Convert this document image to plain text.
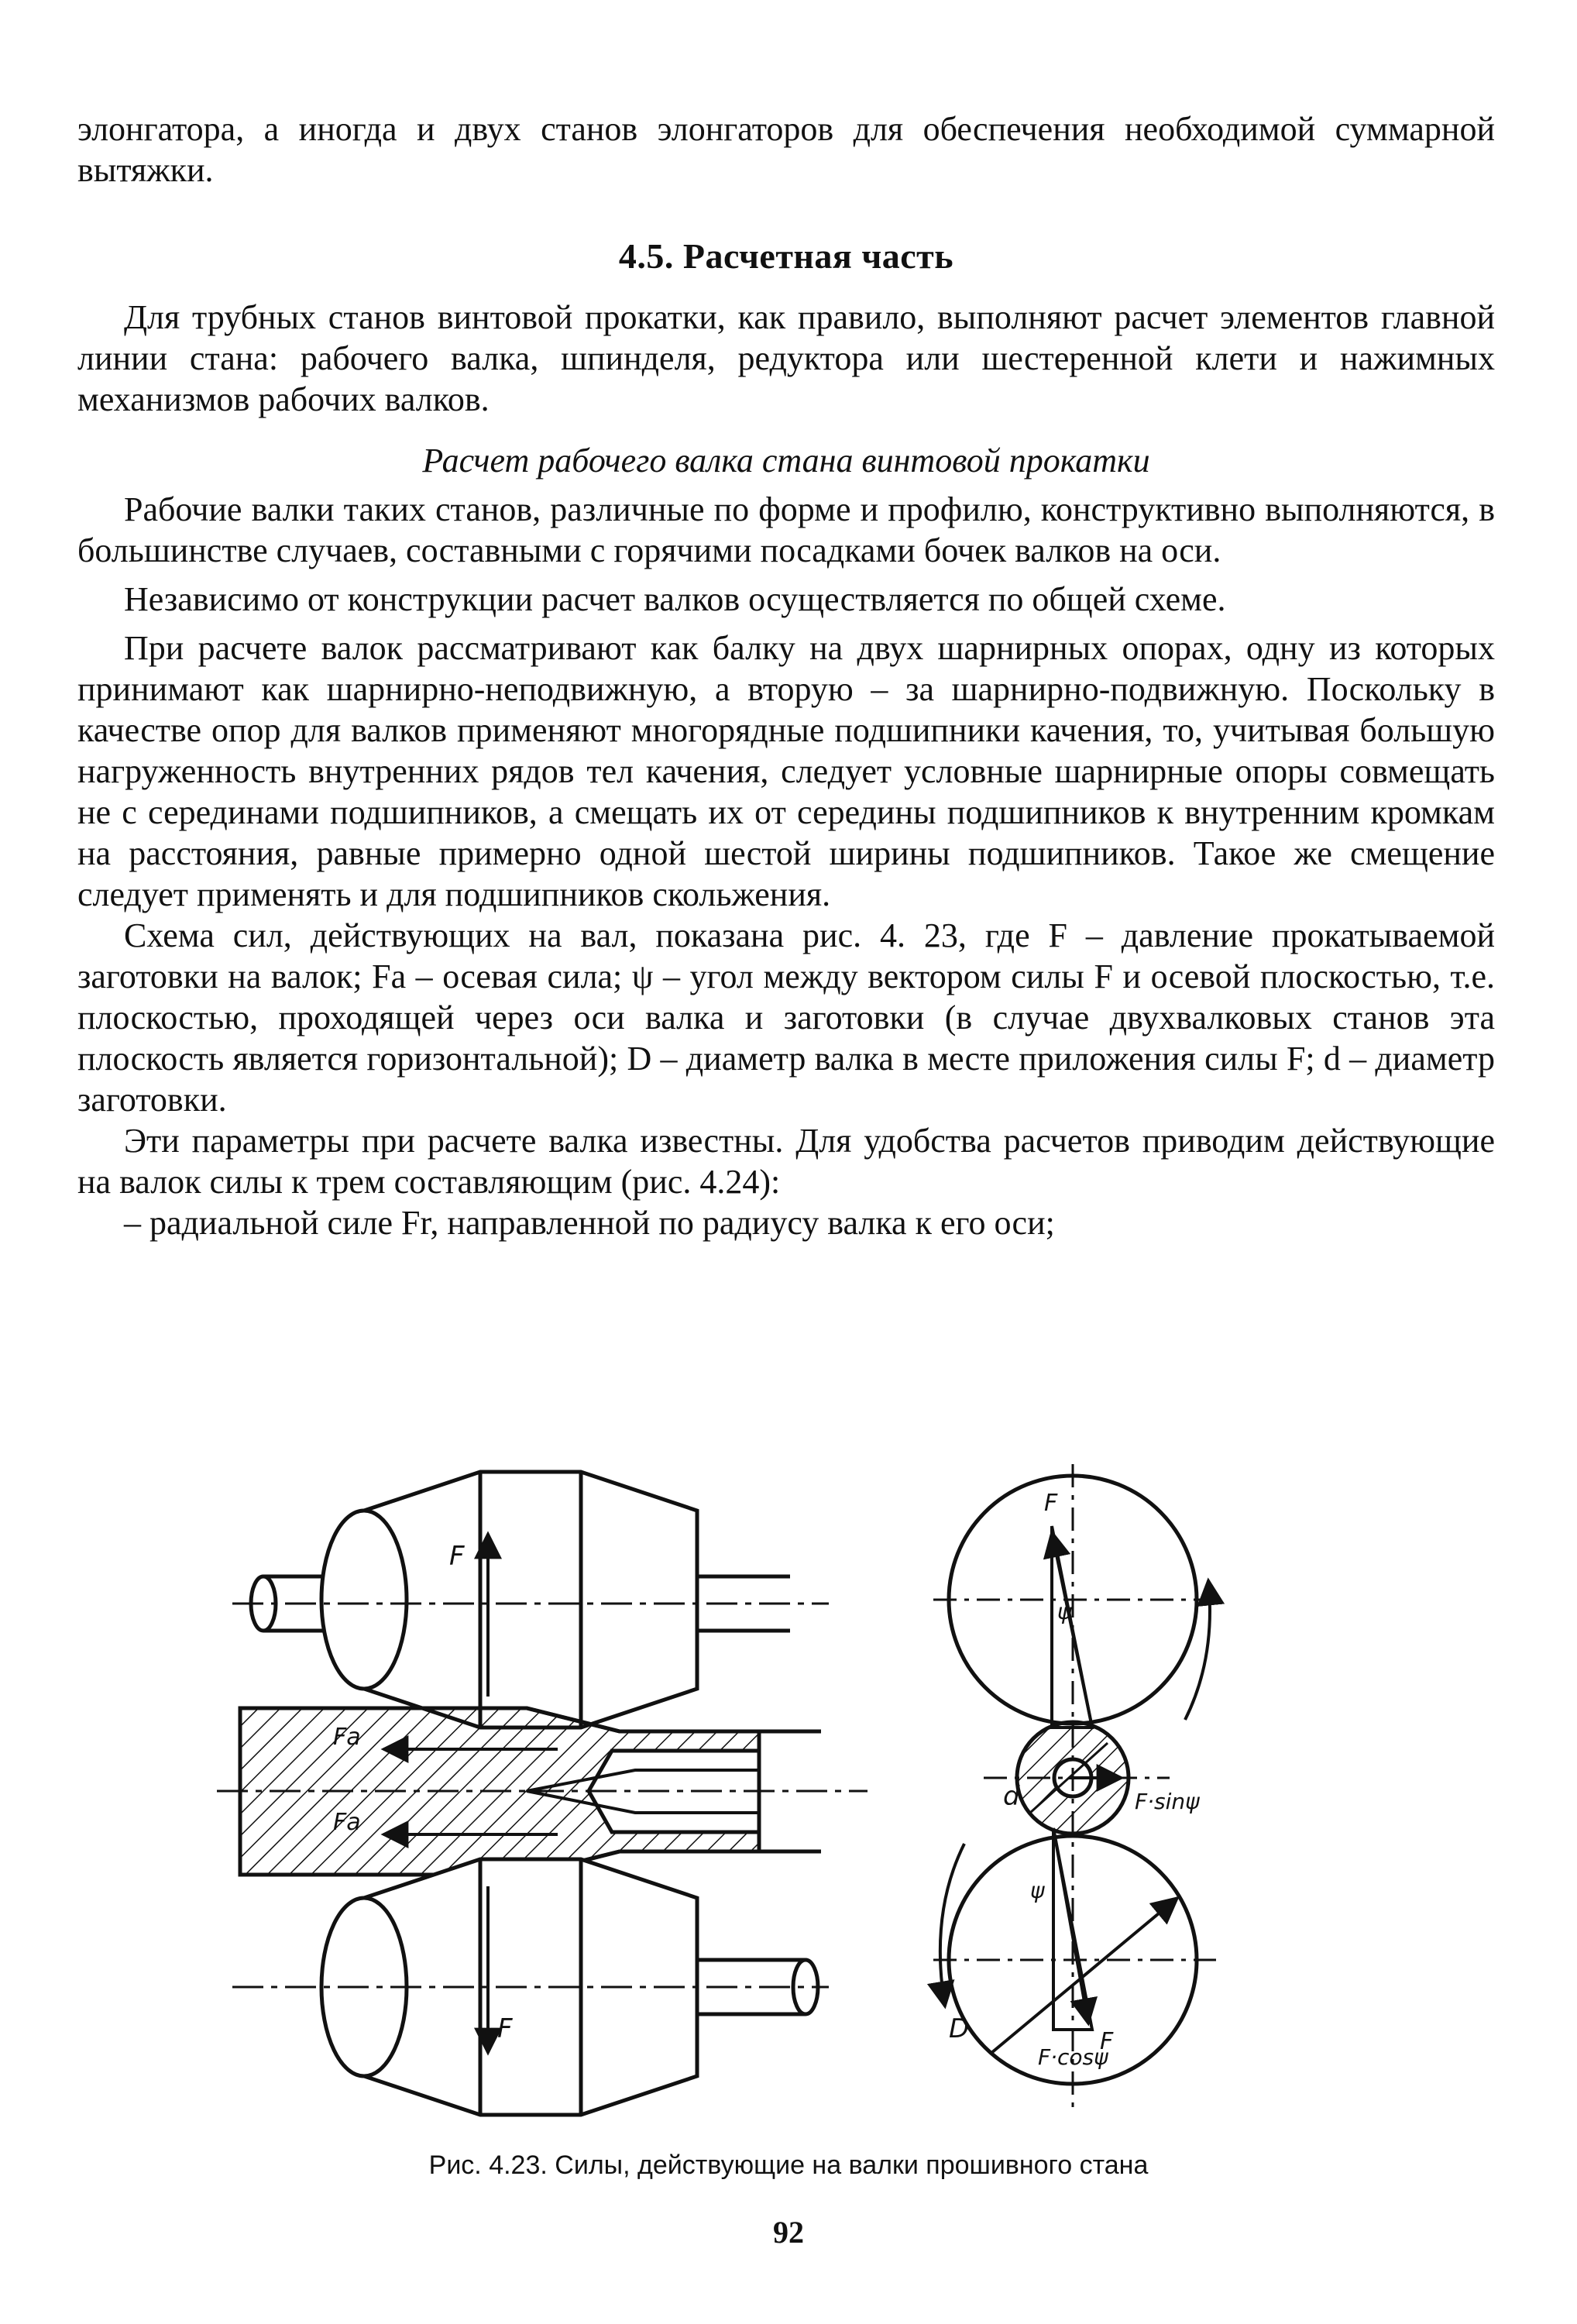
элонгатора, а иногда и двух станов элонгаторов для обеспечения необходимой суммарной вытяжки.

4.5. Расчетная часть

Для трубных станов винтовой прокатки, как правило, выполняют расчет элементов главной линии стана: рабочего валка, шпинделя, редуктора или шестеренной клети и нажимных механизмов рабочих валков.

Расчет рабочего валка стана винтовой прокатки

Рабочие валки таких станов, различные по форме и профилю, конструктивно выполняются, в большинстве случаев, составными с горячими посадками бочек валков на оси.

Независимо от конструкции расчет валков осуществляется по общей схеме.

При расчете валок рассматривают как балку на двух шарнирных опорах, одну из которых принимают как шарнирно-неподвижную, а вторую – за шарнирно-подвижную. Поскольку в качестве опор для валков применяют многорядные подшипники качения, то, учитывая большую нагруженность внутренних рядов тел качения, следует условные шарнирные опоры совмещать не с серединами подшипников, а смещать их от середины подшипников к внутренним кромкам на расстояния, равные примерно одной шестой ширины подшипников. Такое же смещение следует применять и для подшипников скольжения.

Схема сил, действующих на вал, показана рис. 4. 23, где F – давление прокатываемой заготовки на валок; Fa – осевая сила; ψ – угол между вектором силы F и осевой плоскостью, т.е. плоскостью, проходящей через оси валка и заготовки (в случае двухвалковых станов эта плоскость является горизонтальной); D – диаметр валка в месте приложения силы F; d – диаметр заготовки.

Эти параметры при расчете валка известны. Для удобства расчетов приводим действующие на валок силы к трем составляющим (рис. 4.24):

– радиальной силе Fr, направленной по радиусу валка к его оси;

F
F
Fa
Fa
F
ψ
ψ
d
D
F·sinψ
F·cosψ
F
Рис. 4.23. Силы, действующие на валки прошивного стана
92
